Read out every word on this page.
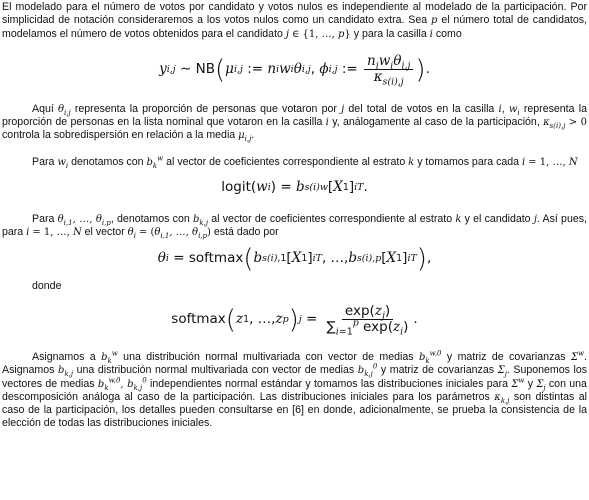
El modelado para el número de votos por candidato y votos nulos es independiente al modelado de la participación. Por simplicidad de notación consideraremos a los votos nulos como un candidato extra. Sea p el número total de candidatos, modelamos el número de votos obtenidos para el candidato j ∈ {1, …, p} y para la casilla i como

y i,j ∼ NB ( μ i,j := n i w i θ i,j , ϕ i,j := $\frac{n_iw_i\theta_{i,j}}{\kappa_{s(i),j}}$ ) .

Aquí $\theta_{i,j}$ representa la proporción de personas que votaron por j del total de votos en la casilla i, $w_i$ representa la proporción de personas en la lista nominal que votaron en la casilla i y, análogamente al caso de la participación, $\kappa_{s(i),j} > 0$ controla la sobredispersión en relación a la media $\mu_{i,j}$.

Para $w_i$ denotamos con $b_k^w$ al vector de coeficientes correspondiente al estrato k y tomamos para cada i = 1, …, N

logit ( w i ) = b s(i) w [ X 1 ] i T .

Para $\theta_{i,1}$, …, $\theta_{i,p}$, denotamos con $b_{k,j}$ al vector de coeficientes correspondiente al estrato k y el candidato j. Así pues, para i = 1, …, N el vector $\theta_i = (\theta_{i,1}$, …, $\theta_{i,p}$) está dado por

θ i = softmax ( b s(i),1 [ X 1 ] i T , …, b s(i),p [ X 1 ] i T ) ,

donde

softmax ( z 1 , …, z p ) $j = \frac{\exp(z_j)}{\sum_{i=1}^p \exp(z_i)}$ .

Asignamos a $b_k^w$ una distribución normal multivariada con vector de medias $b_k^{w,0}$ y matriz de covarianzas $\Sigma^w$. Asignamos $b_{k,j}$ una distribución normal multivariada con vector de medias $b_{k,j}^0$ y matriz de covarianzas $\Sigma_j$. Suponemos los vectores de medias $b_k^{w,0}$, $b_{k,j}^0$ independientes normal estándar y tomamos las distribuciones iniciales para $\Sigma^w$ y $\Sigma_j$ con una descomposición análoga al caso de la participación. Las distribuciones iniciales para los parámetros $\kappa_{k,j}$ son distintas al caso de la participación, los detalles pueden consultarse en [6] en donde, adicionalmente, se prueba la consistencia de la elección de todas las distribuciones iniciales.
